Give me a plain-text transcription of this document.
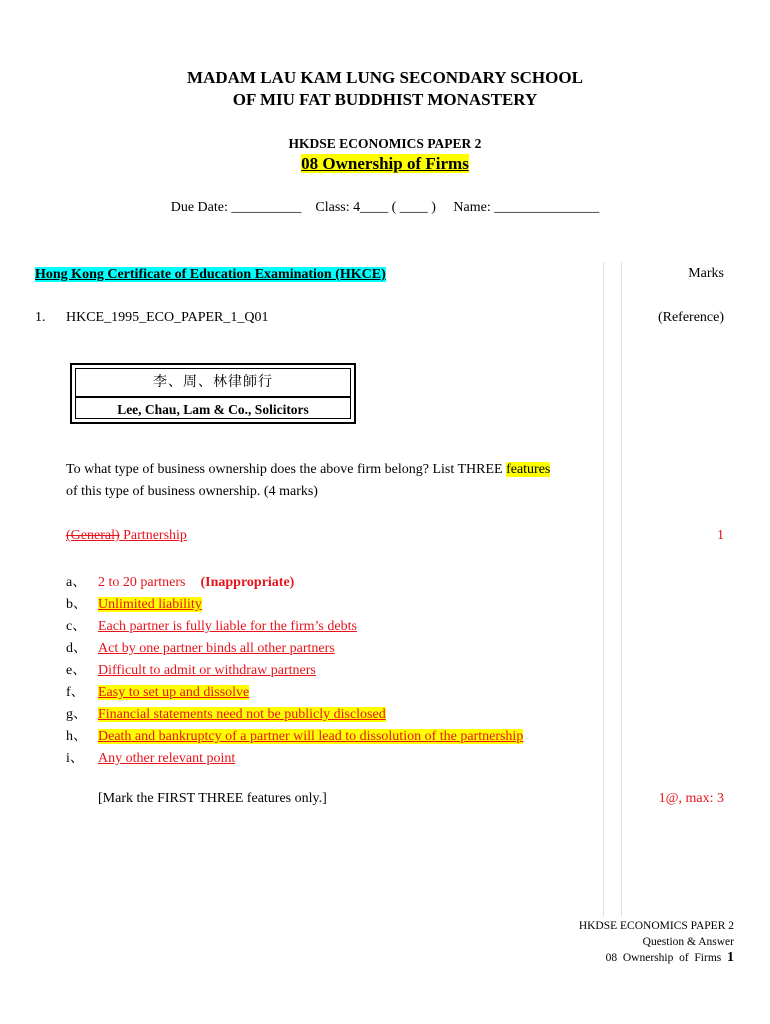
MADAM LAU KAM LUNG SECONDARY SCHOOL
OF MIU FAT BUDDHIST MONASTERY
HKDSE ECONOMICS PAPER 2
08 Ownership of Firms
Due Date: __________    Class: 4____ ( ____ )     Name: _______________
Hong Kong Certificate of Education Examination (HKCE)	Marks
1. HKCE_1995_ECO_PAPER_1_Q01	(Reference)
李、周、林律師行
Lee, Chau, Lam & Co., Solicitors
To what type of business ownership does the above firm belong? List THREE features
of this type of business ownership. (4 marks)
(General) Partnership	1
a、 2 to 20 partners (Inappropriate)
b、 Unlimited liability
c、 Each partner is fully liable for the firm’s debts
d、 Act by one partner binds all other partners
e、 Difficult to admit or withdraw partners
f、 Easy to set up and dissolve
g、 Financial statements need not be publicly disclosed
h、 Death and bankruptcy of a partner will lead to dissolution of the partnership
i、 Any other relevant point
[Mark the FIRST THREE features only.]	1@, max: 3
HKDSE ECONOMICS PAPER 2
Question & Answer
08  Ownership  of  Firms 1
